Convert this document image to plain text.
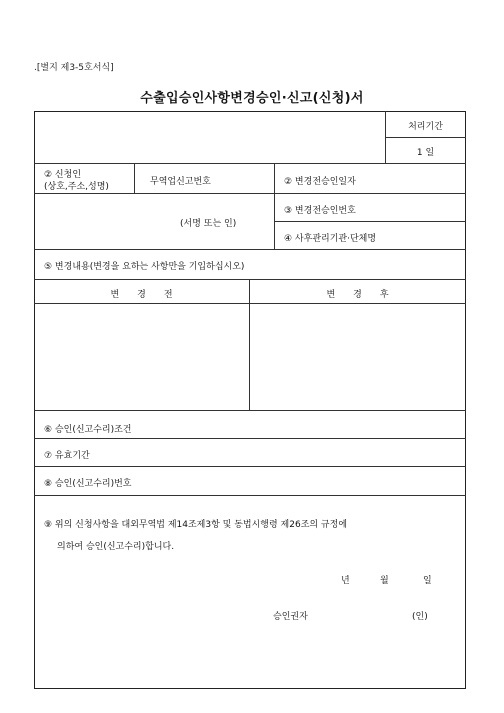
.[별지 제3-5호서식]
수출입승인사항변경승인·신고(신청)서
처리기간
1 일
② 신청인
(상호,주소,성명)	무역업신고번호
(서명 또는 인)
② 변경전승인일자
③ 변경전승인번호
④ 사후관리기관·단체명
⑤ 변경내용(변경을 요하는 사항만을 기입하십시오)
변　　경　　전	변　　경　　후
⑥ 승인(신고수리)조건
⑦ 유효기간
⑧ 승인(신고수리)번호
⑨ 위의 신청사항을 대외무역법 제14조제3항 및 동법시행령 제26조의 규정에
의하여 승인(신고수리)합니다.
년	월	일
승인권자	(인)
